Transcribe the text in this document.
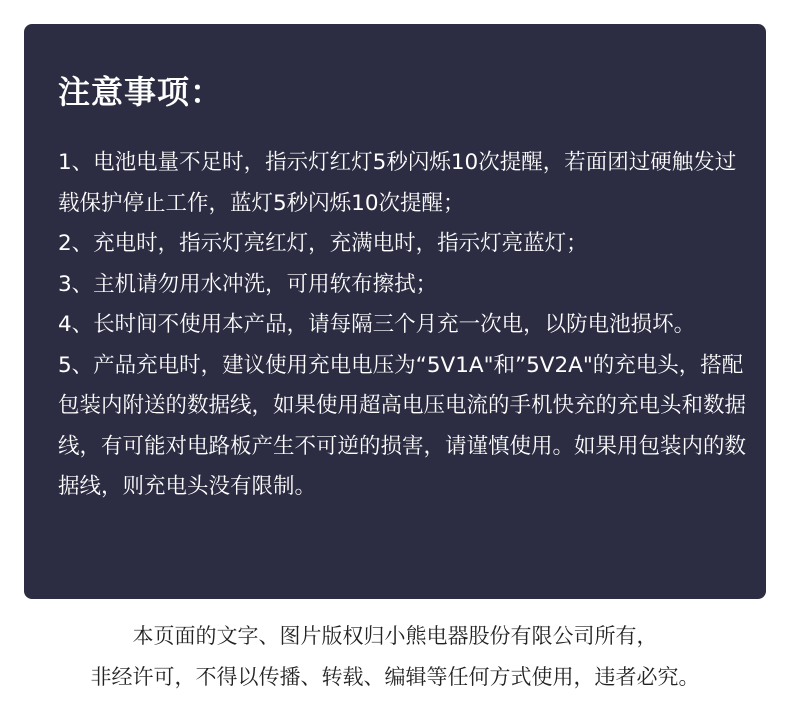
注意事项：
1、电池电量不足时，指示灯红灯5秒闪烁10次提醒，若面团过硬触发过载保护停止工作，蓝灯5秒闪烁10次提醒；
2、充电时，指示灯亮红灯，充满电时，指示灯亮蓝灯；
3、主机请勿用水冲洗，可用软布擦拭；
4、长时间不使用本产品，请每隔三个月充一次电，以防电池损坏。
5、产品充电时，建议使用充电电压为“5V1A"和”5V2A"的充电头，搭配包装内附送的数据线，如果使用超高电压电流的手机快充的充电头和数据线，有可能对电路板产生不可逆的损害，请谨慎使用。如果用包装内的数据线，则充电头没有限制。
本页面的文字、图片版权归小熊电器股份有限公司所有，
非经许可，不得以传播、转载、编辑等任何方式使用，违者必究。
